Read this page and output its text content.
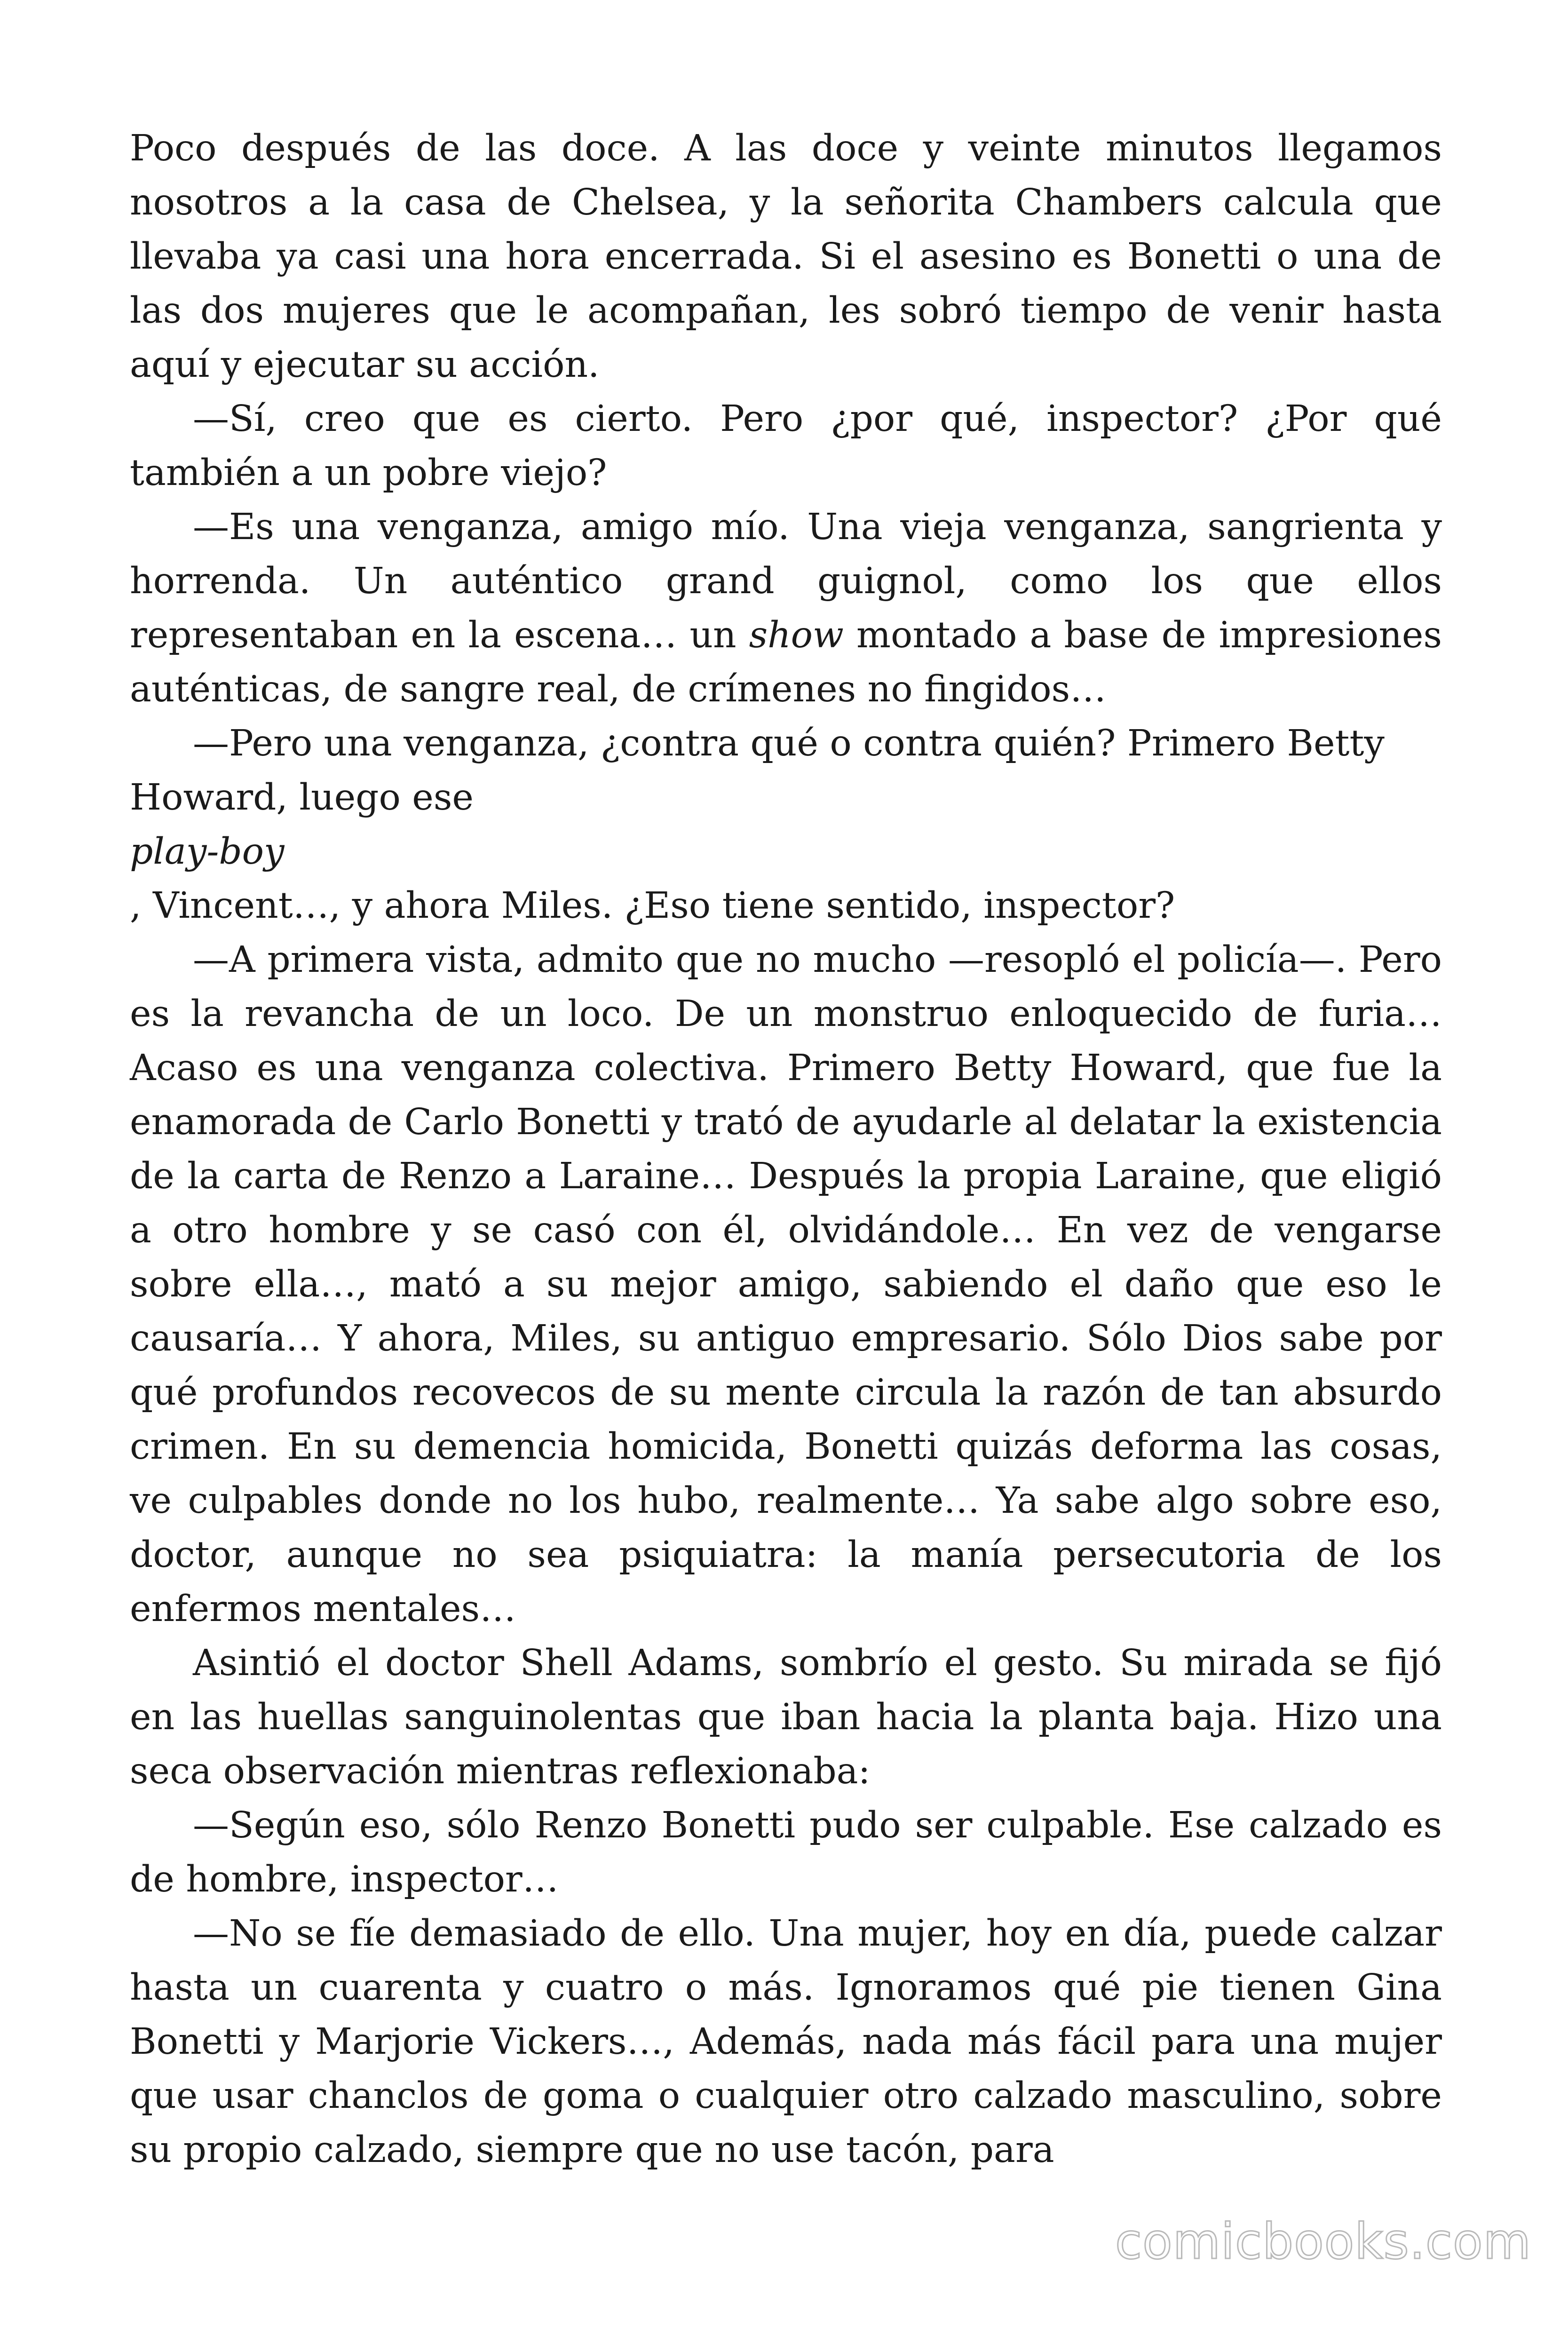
Poco después de las doce. A las doce y veinte minutos llegamos nosotros a la casa de Chelsea, y la señorita Chambers calcula que llevaba ya casi una hora encerrada. Si el asesino es Bonetti o una de las dos mujeres que le acompañan, les sobró tiempo de venir hasta aquí y ejecutar su acción.

—Sí, creo que es cierto. Pero ¿por qué, inspector? ¿Por qué también a un pobre viejo?

—Es una venganza, amigo mío. Una vieja venganza, sangrienta y horrenda. Un auténtico grand guignol, como los que ellos representaban en la escena… un show montado a base de impresiones auténticas, de sangre real, de crímenes no fingidos…

—Pero una venganza, ¿contra qué o contra quién? Primero Betty Howard, luego ese

play-boy

, Vincent…, y ahora Miles. ¿Eso tiene sentido, inspector?

—A primera vista, admito que no mucho —resopló el policía—. Pero es la revancha de un loco. De un monstruo enloquecido de furia… Acaso es una venganza colectiva. Primero Betty Howard, que fue la enamorada de Carlo Bonetti y trató de ayudarle al delatar la existencia de la carta de Renzo a Laraine… Después la propia Laraine, que eligió a otro hombre y se casó con él, olvidándole… En vez de vengarse sobre ella…, mató a su mejor amigo, sabiendo el daño que eso le causaría… Y ahora, Miles, su antiguo empresario. Sólo Dios sabe por qué profundos recovecos de su mente circula la razón de tan absurdo crimen. En su demencia homicida, Bonetti quizás deforma las cosas, ve culpables donde no los hubo, realmente… Ya sabe algo sobre eso, doctor, aunque no sea psiquiatra: la manía persecutoria de los enfermos mentales…

Asintió el doctor Shell Adams, sombrío el gesto. Su mirada se fijó en las huellas sanguinolentas que iban hacia la planta baja. Hizo una seca observación mientras reflexionaba:

—Según eso, sólo Renzo Bonetti pudo ser culpable. Ese calzado es de hombre, inspector…

—No se fíe demasiado de ello. Una mujer, hoy en día, puede calzar hasta un cuarenta y cuatro o más. Ignoramos qué pie tienen Gina Bonetti y Marjorie Vickers…, Además, nada más fácil para una mujer que usar chanclos de goma o cualquier otro calzado masculino, sobre su propio calzado, siempre que no use tacón, para

comicbooks.com
